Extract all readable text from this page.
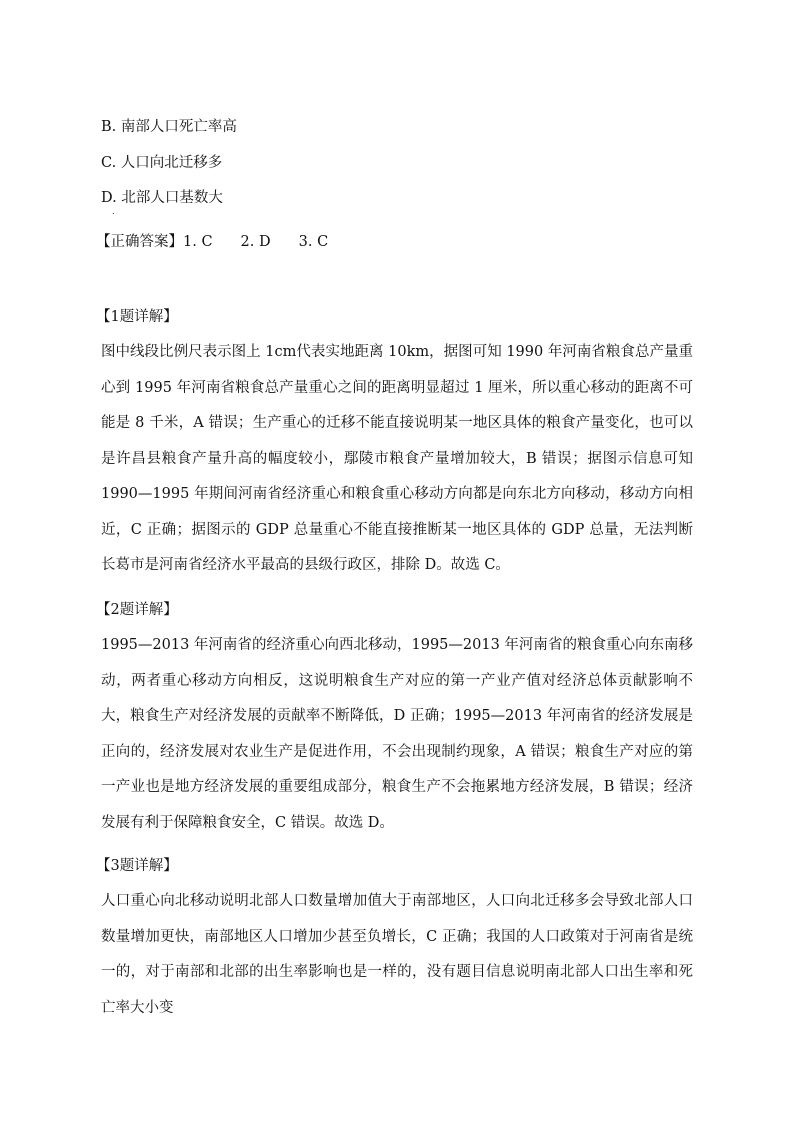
B. 南部人口死亡率高
C. 人口向北迁移多
D. 北部人口基数大
.
【正确答案】1. C 2. D 3. C
【1题详解】
图中线段比例尺表示图上 1cm代表实地距离 10km，据图可知 1990 年河南省粮食总产量重心到 1995 年河南省粮食总产量重心之间的距离明显超过 1 厘米，所以重心移动的距离不可能是 8 千米，A 错误；生产重心的迁移不能直接说明某一地区具体的粮食产量变化，也可以是许昌县粮食产量升高的幅度较小，鄢陵市粮食产量增加较大，B 错误；据图示信息可知 1990—1995 年期间河南省经济重心和粮食重心移动方向都是向东北方向移动，移动方向相近，C 正确；据图示的 GDP 总量重心不能直接推断某一地区具体的 GDP 总量，无法判断长葛市是河南省经济水平最高的县级行政区，排除 D。故选 C。
【2题详解】
1995—2013 年河南省的经济重心向西北移动，1995—2013 年河南省的粮食重心向东南移动，两者重心移动方向相反，这说明粮食生产对应的第一产业产值对经济总体贡献影响不大，粮食生产对经济发展的贡献率不断降低，D 正确；1995—2013 年河南省的经济发展是正向的，经济发展对农业生产是促进作用，不会出现制约现象，A 错误；粮食生产对应的第一产业也是地方经济发展的重要组成部分，粮食生产不会拖累地方经济发展，B 错误；经济发展有利于保障粮食安全，C 错误。故选 D。
【3题详解】
人口重心向北移动说明北部人口数量增加值大于南部地区，人口向北迁移多会导致北部人口数量增加更快，南部地区人口增加少甚至负增长，C 正确；我国的人口政策对于河南省是统一的，对于南部和北部的出生率影响也是一样的，没有题目信息说明南北部人口出生率和死亡率大小变
